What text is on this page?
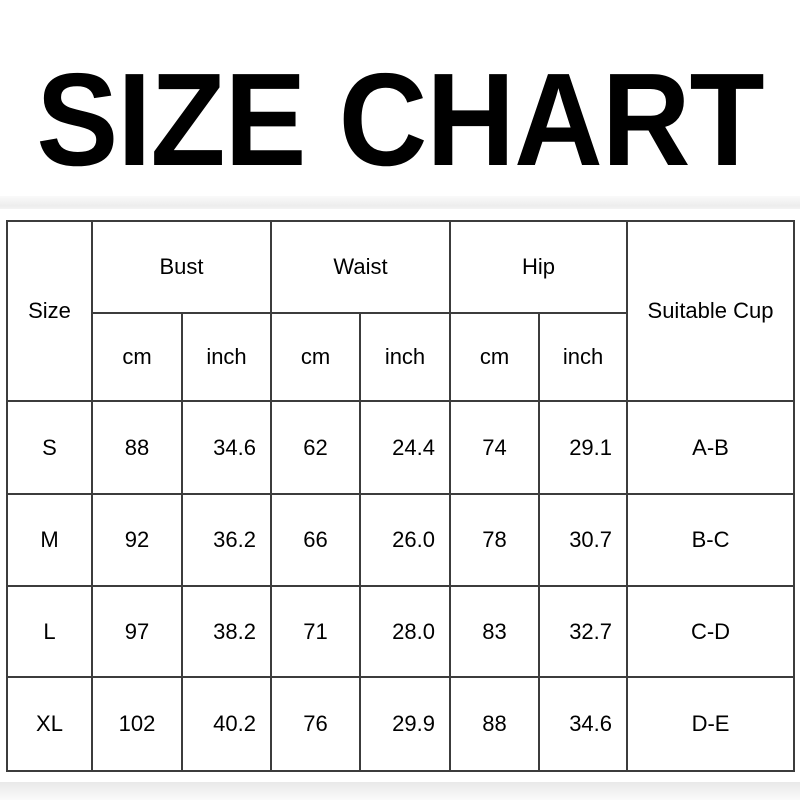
SIZE CHART
Size	Bust		Waist		Hip		Suitable Cup
	cm	inch	cm	inch	cm	inch	
S	88	34.6	62	24.4	74	29.1	A-B
M	92	36.2	66	26.0	78	30.7	B-C
L	97	38.2	71	28.0	83	32.7	C-D
XL	102	40.2	76	29.9	88	34.6	D-E
